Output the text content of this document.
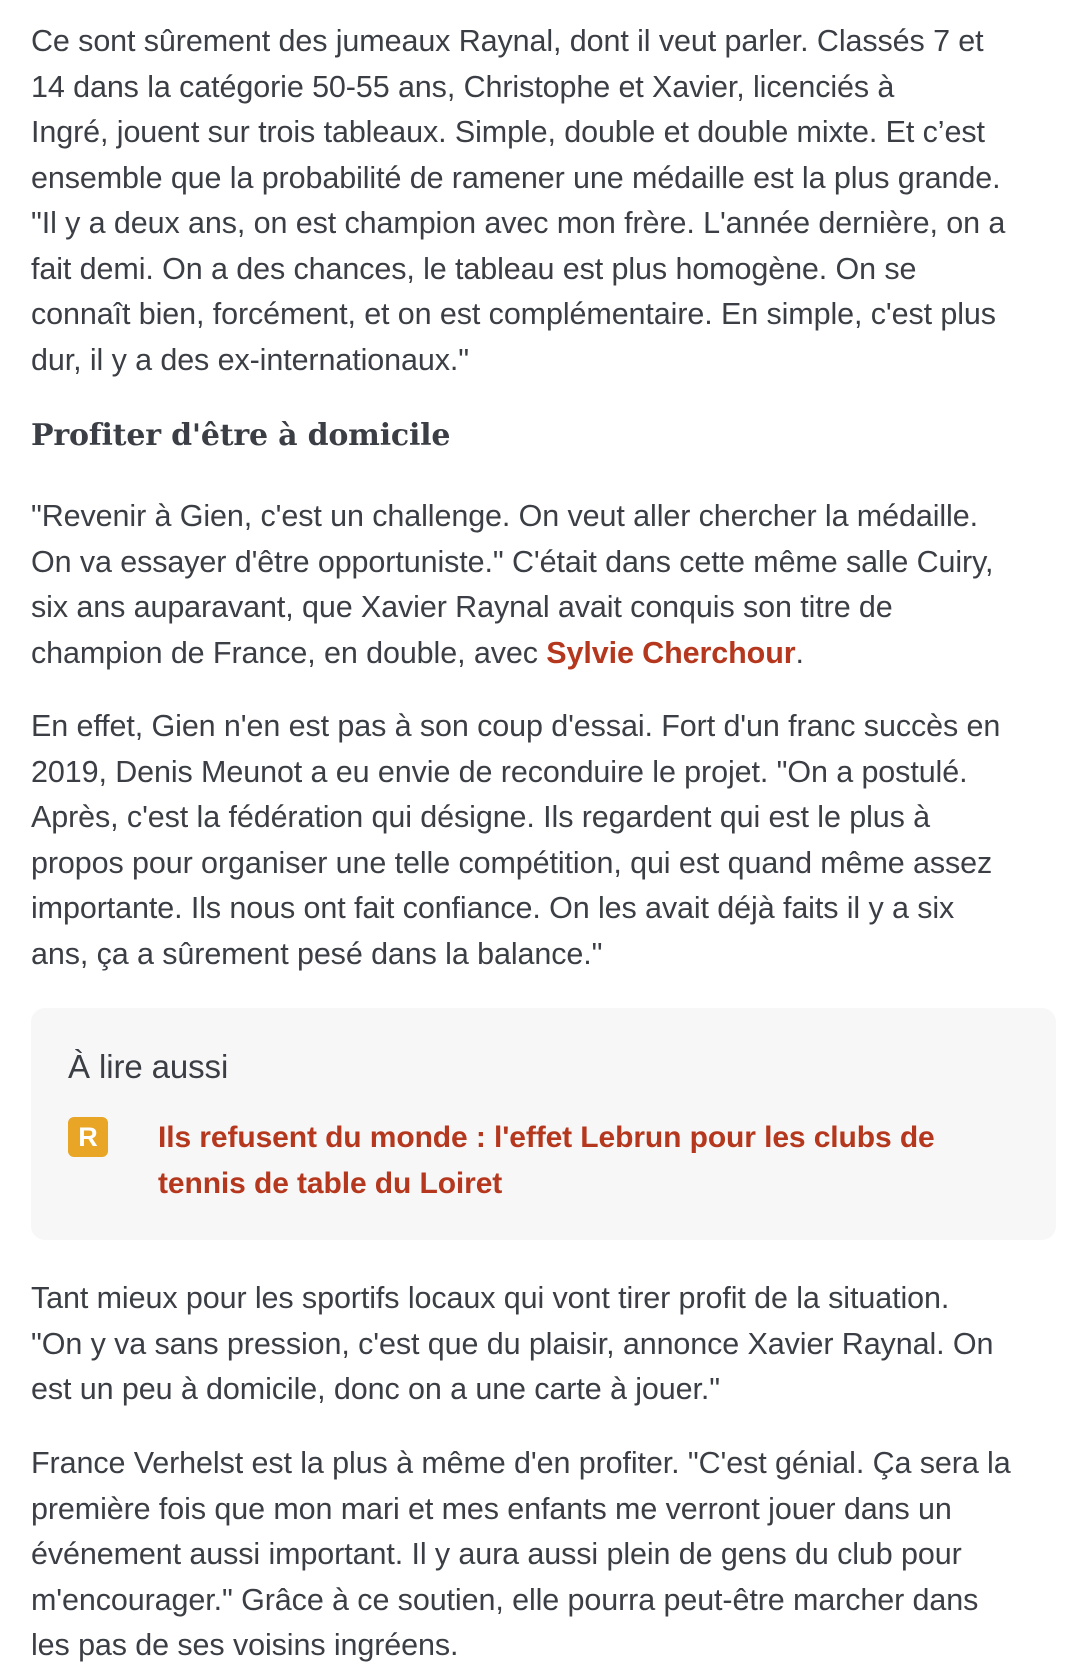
Ce sont sûrement des jumeaux Raynal, dont il veut parler. Classés 7 et
14 dans la catégorie 50-55 ans, Christophe et Xavier, licenciés à
Ingré, jouent sur trois tableaux. Simple, double et double mixte. Et c’est
ensemble que la probabilité de ramener une médaille est la plus grande.
"Il y a deux ans, on est champion avec mon frère. L'année dernière, on a
fait demi. On a des chances, le tableau est plus homogène. On se
connaît bien, forcément, et on est complémentaire. En simple, c'est plus
dur, il y a des ex-internationaux."

Profiter d'être à domicile

"Revenir à Gien, c'est un challenge. On veut aller chercher la médaille.
On va essayer d'être opportuniste." C'était dans cette même salle Cuiry,
six ans auparavant, que Xavier Raynal avait conquis son titre de
champion de France, en double, avec Sylvie Cherchour.

En effet, Gien n'en est pas à son coup d'essai. Fort d'un franc succès en
2019, Denis Meunot a eu envie de reconduire le projet. "On a postulé.
Après, c'est la fédération qui désigne. Ils regardent qui est le plus à
propos pour organiser une telle compétition, qui est quand même assez
importante. Ils nous ont fait confiance. On les avait déjà faits il y a six
ans, ça a sûrement pesé dans la balance."

À lire aussi
R	Ils refusent du monde : l'effet Lebrun pour les clubs de
tennis de table du Loiret

Tant mieux pour les sportifs locaux qui vont tirer profit de la situation.
"On y va sans pression, c'est que du plaisir, annonce Xavier Raynal. On
est un peu à domicile, donc on a une carte à jouer."

France Verhelst est la plus à même d'en profiter. "C'est génial. Ça sera la
première fois que mon mari et mes enfants me verront jouer dans un
événement aussi important. Il y aura aussi plein de gens du club pour
m'encourager." Grâce à ce soutien, elle pourra peut-être marcher dans
les pas de ses voisins ingréens.
